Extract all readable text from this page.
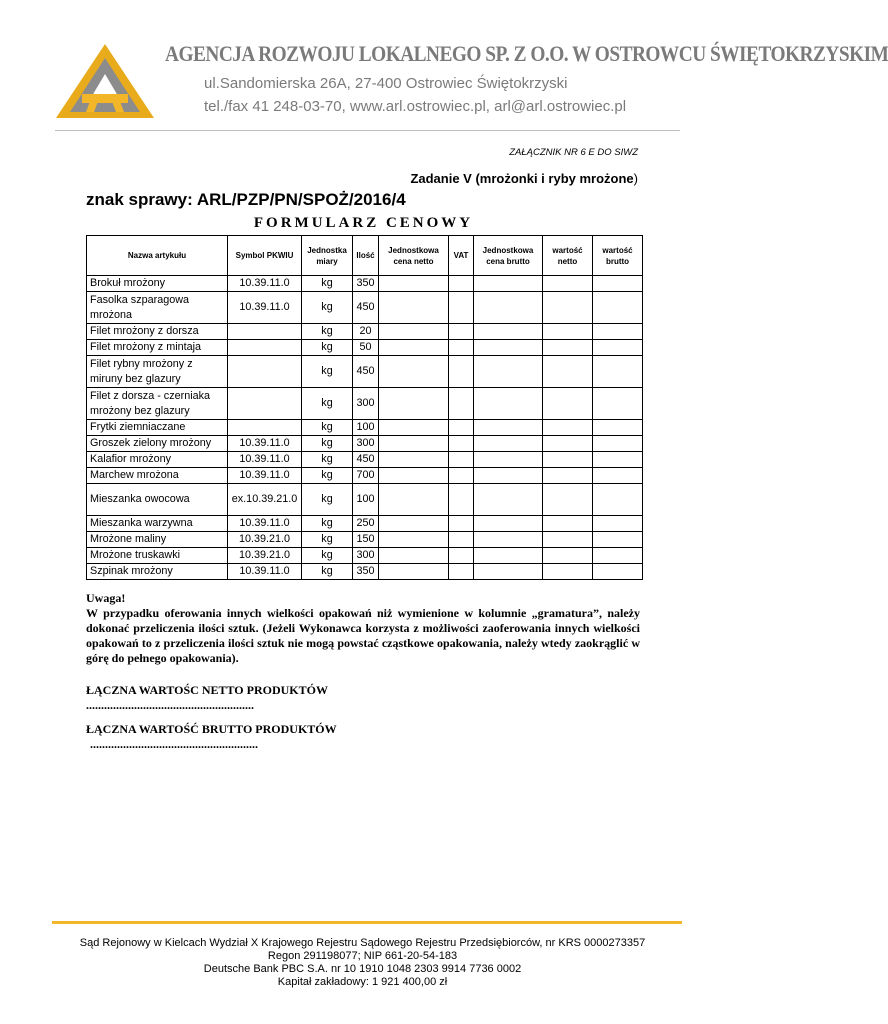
AGENCJA ROZWOJU LOKALNEGO SP. Z O.O. W OSTROWCU ŚWIĘTOKRZYSKIM
ul.Sandomierska 26A, 27-400 Ostrowiec Świętokrzyski
tel./fax 41 248-03-70, www.arl.ostrowiec.pl, arl@arl.ostrowiec.pl
ZAŁĄCZNIK NR 6 E DO SIWZ
Zadanie V (mrożonki i ryby mrożone)
znak sprawy: ARL/PZP/PN/SPOŻ/2016/4
FORMULARZ CENOWY
Nazwa artykułu	Symbol PKWIU	Jednostka miary	Ilość	Jednostkowa cena netto	VAT	Jednostkowa cena brutto	wartość netto	wartość brutto
Brokuł mrożony	10.39.11.0	kg	350					
Fasolka szparagowa mrożona	10.39.11.0	kg	450					
Filet mrożony z dorsza		kg	20					
Filet mrożony z mintaja		kg	50					
Filet rybny mrożony z miruny bez glazury		kg	450					
Filet z dorsza - czerniaka mrożony bez glazury		kg	300					
Frytki ziemniaczane		kg	100					
Groszek zielony mrożony	10.39.11.0	kg	300					
Kalafior mrożony	10.39.11.0	kg	450					
Marchew mrożona	10.39.11.0	kg	700					
Mieszanka owocowa	ex.10.39.21.0	kg	100					
Mieszanka warzywna	10.39.11.0	kg	250					
Mrożone maliny	10.39.21.0	kg	150					
Mrożone truskawki	10.39.21.0	kg	300					
Szpinak mrożony	10.39.11.0	kg	350					

Uwaga!

W przypadku oferowania innych wielkości opakowań niż wymienione w kolumnie „gramatura”, należy dokonać przeliczenia ilości sztuk. (Jeżeli Wykonawca korzysta z możliwości zaoferowania innych wielkości opakowań to z przeliczenia ilości sztuk nie mogą powstać cząstkowe opakowania, należy wtedy zaokrąglić w górę do pełnego opakowania).

ŁĄCZNA WARTOŚC NETTO PRODUKTÓW
........................................................
ŁĄCZNA WARTOŚĆ BRUTTO PRODUKTÓW
........................................................
Sąd Rejonowy w Kielcach Wydział X Krajowego Rejestru Sądowego Rejestru Przedsiębiorców, nr KRS 0000273357
Regon 291198077; NIP 661-20-54-183
Deutsche Bank PBC S.A. nr 10 1910 1048 2303 9914 7736 0002
Kapitał zakładowy: 1 921 400,00 zł
